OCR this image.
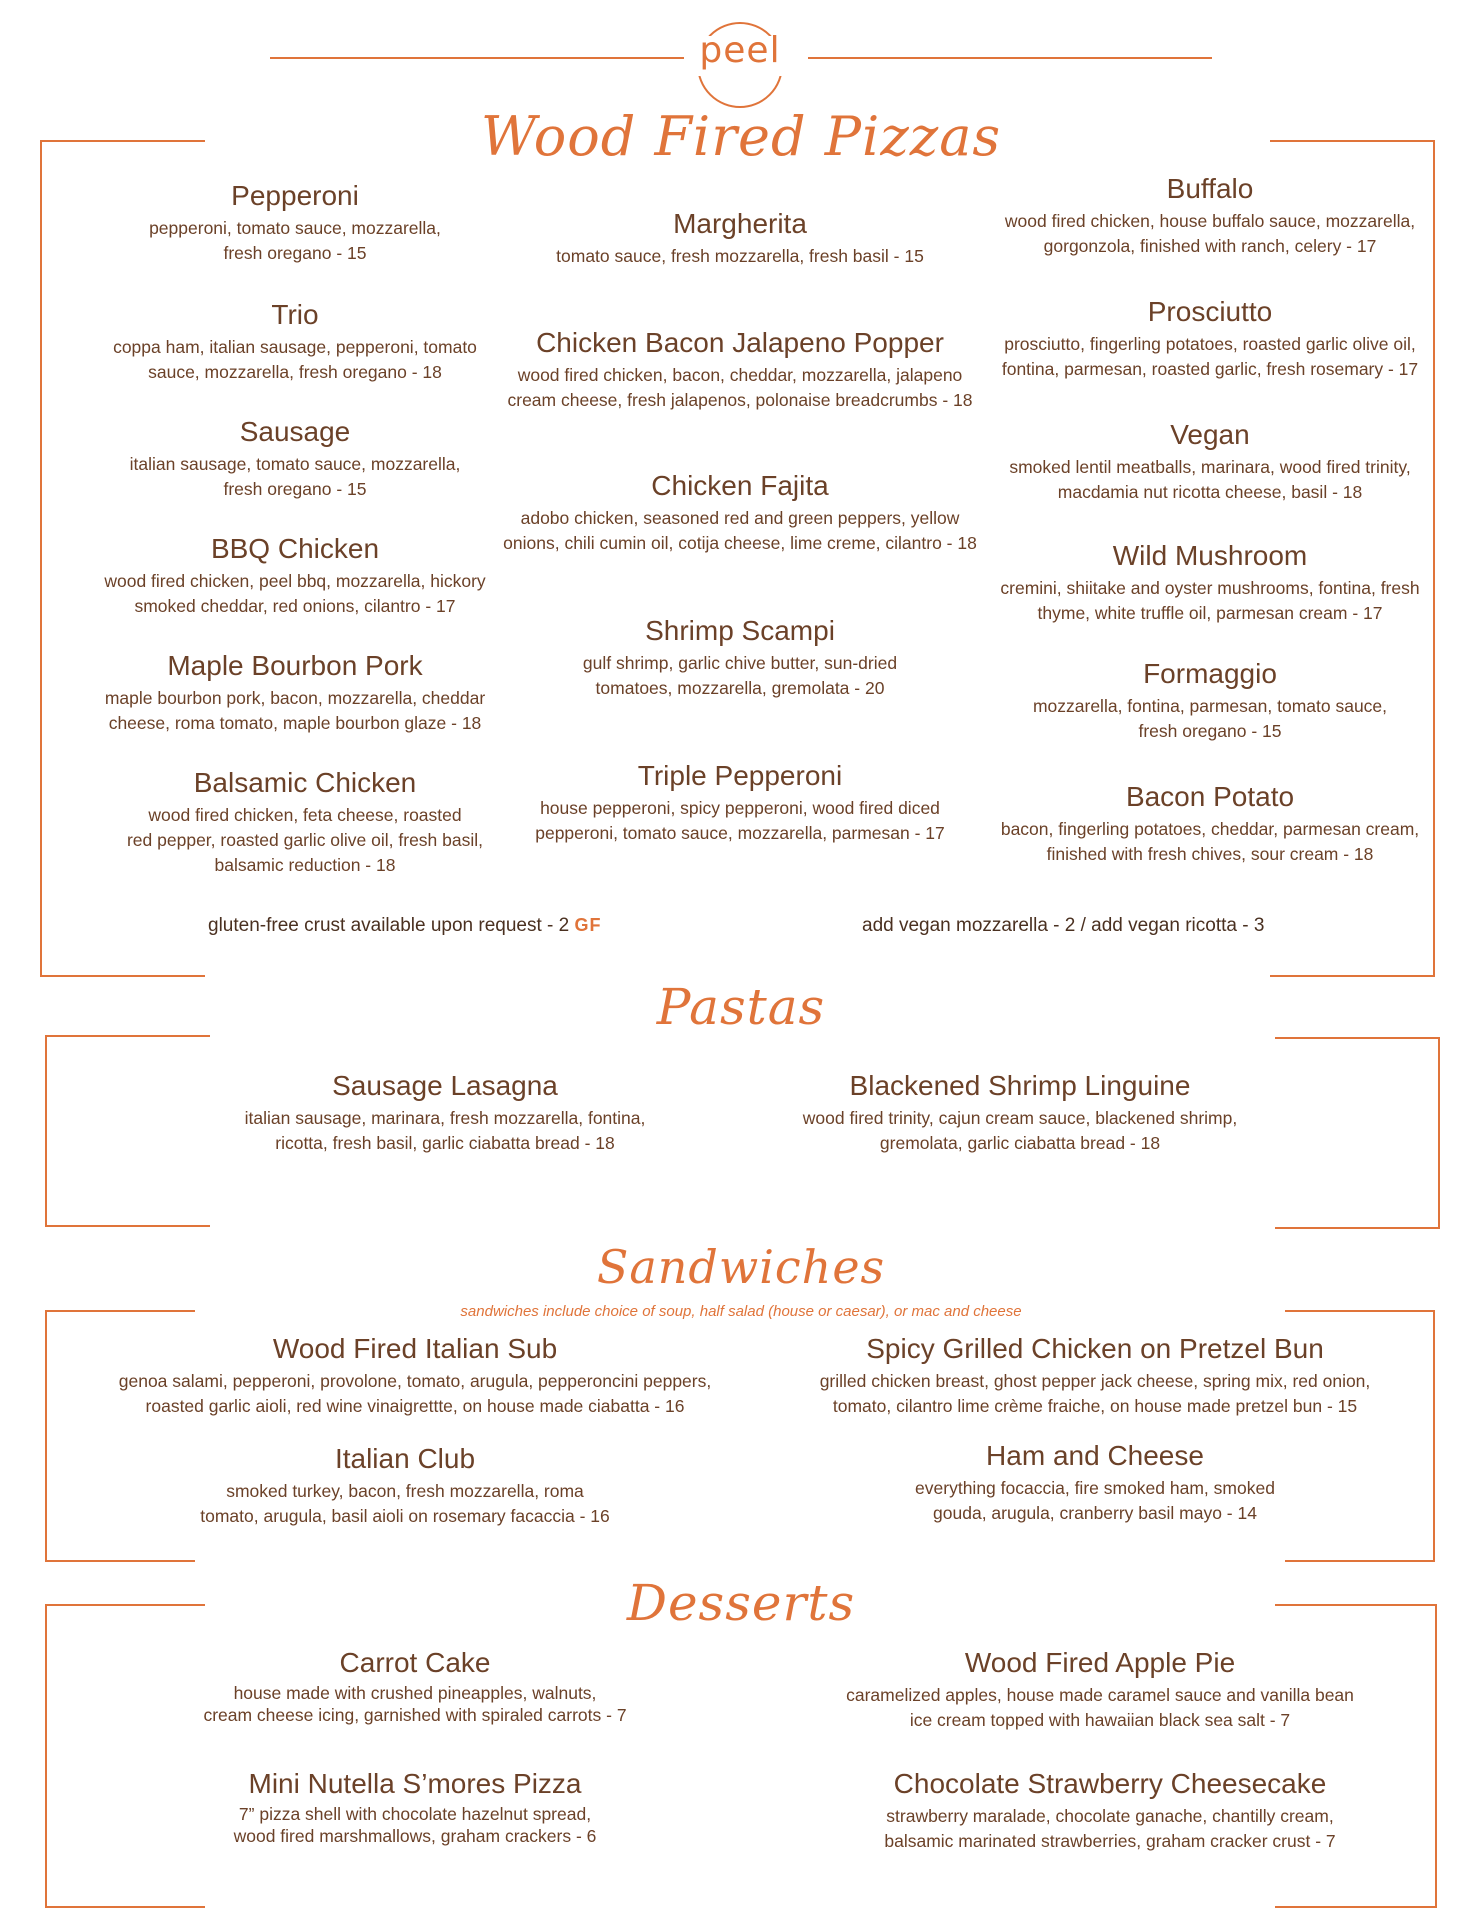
peel
Wood Fired Pizzas
Pepperoni
pepperoni, tomato sauce, mozzarella,
fresh oregano - 15
Trio
coppa ham, italian sausage, pepperoni, tomato
sauce, mozzarella, fresh oregano - 18
Sausage
italian sausage, tomato sauce, mozzarella,
fresh oregano - 15
BBQ Chicken
wood fired chicken, peel bbq, mozzarella, hickory
smoked cheddar, red onions, cilantro - 17
Maple Bourbon Pork
maple bourbon pork, bacon, mozzarella, cheddar
cheese, roma tomato, maple bourbon glaze - 18
Balsamic Chicken
wood fired chicken, feta cheese, roasted
red pepper, roasted garlic olive oil, fresh basil,
balsamic reduction - 18
Margherita
tomato sauce, fresh mozzarella, fresh basil - 15
Chicken Bacon Jalapeno Popper
wood fired chicken, bacon, cheddar, mozzarella, jalapeno
cream cheese, fresh jalapenos, polonaise breadcrumbs - 18
Chicken Fajita
adobo chicken, seasoned red and green peppers, yellow
onions, chili cumin oil, cotija cheese, lime creme, cilantro - 18
Shrimp Scampi
gulf shrimp, garlic chive butter, sun-dried
tomatoes, mozzarella, gremolata - 20
Triple Pepperoni
house pepperoni, spicy pepperoni, wood fired diced
pepperoni, tomato sauce, mozzarella, parmesan - 17
Buffalo
wood fired chicken, house buffalo sauce, mozzarella,
gorgonzola, finished with ranch, celery - 17
Prosciutto
prosciutto, fingerling potatoes, roasted garlic olive oil,
fontina, parmesan, roasted garlic, fresh rosemary - 17
Vegan
smoked lentil meatballs, marinara, wood fired trinity,
macdamia nut ricotta cheese, basil - 18
Wild Mushroom
cremini, shiitake and oyster mushrooms, fontina, fresh
thyme, white truffle oil, parmesan cream - 17
Formaggio
mozzarella, fontina, parmesan, tomato sauce,
fresh oregano - 15
Bacon Potato
bacon, fingerling potatoes, cheddar, parmesan cream,
finished with fresh chives, sour cream - 18
gluten-free crust available upon request - 2 GF	add vegan mozzarella - 2 / add vegan ricotta - 3
Pastas
Sausage Lasagna
italian sausage, marinara, fresh mozzarella, fontina,
ricotta, fresh basil, garlic ciabatta bread - 18
Blackened Shrimp Linguine
wood fired trinity, cajun cream sauce, blackened shrimp,
gremolata, garlic ciabatta bread - 18
Sandwiches
sandwiches include choice of soup, half salad (house or caesar), or mac and cheese
Wood Fired Italian Sub
genoa salami, pepperoni, provolone, tomato, arugula, pepperoncini peppers,
roasted garlic aioli, red wine vinaigrettte, on house made ciabatta - 16
Spicy Grilled Chicken on Pretzel Bun
grilled chicken breast, ghost pepper jack cheese, spring mix, red onion,
tomato, cilantro lime crème fraiche, on house made pretzel bun - 15
Italian Club
smoked turkey, bacon, fresh mozzarella, roma
tomato, arugula, basil aioli on rosemary facaccia - 16
Ham and Cheese
everything focaccia, fire smoked ham, smoked
gouda, arugula, cranberry basil mayo - 14
Desserts
Carrot Cake
house made with crushed pineapples, walnuts,
cream cheese icing, garnished with spiraled carrots - 7
Wood Fired Apple Pie
caramelized apples, house made caramel sauce and vanilla bean
ice cream topped with hawaiian black sea salt - 7
Mini Nutella S’mores Pizza
7” pizza shell with chocolate hazelnut spread,
wood fired marshmallows, graham crackers - 6
Chocolate Strawberry Cheesecake
strawberry maralade, chocolate ganache, chantilly cream,
balsamic marinated strawberries, graham cracker crust - 7
